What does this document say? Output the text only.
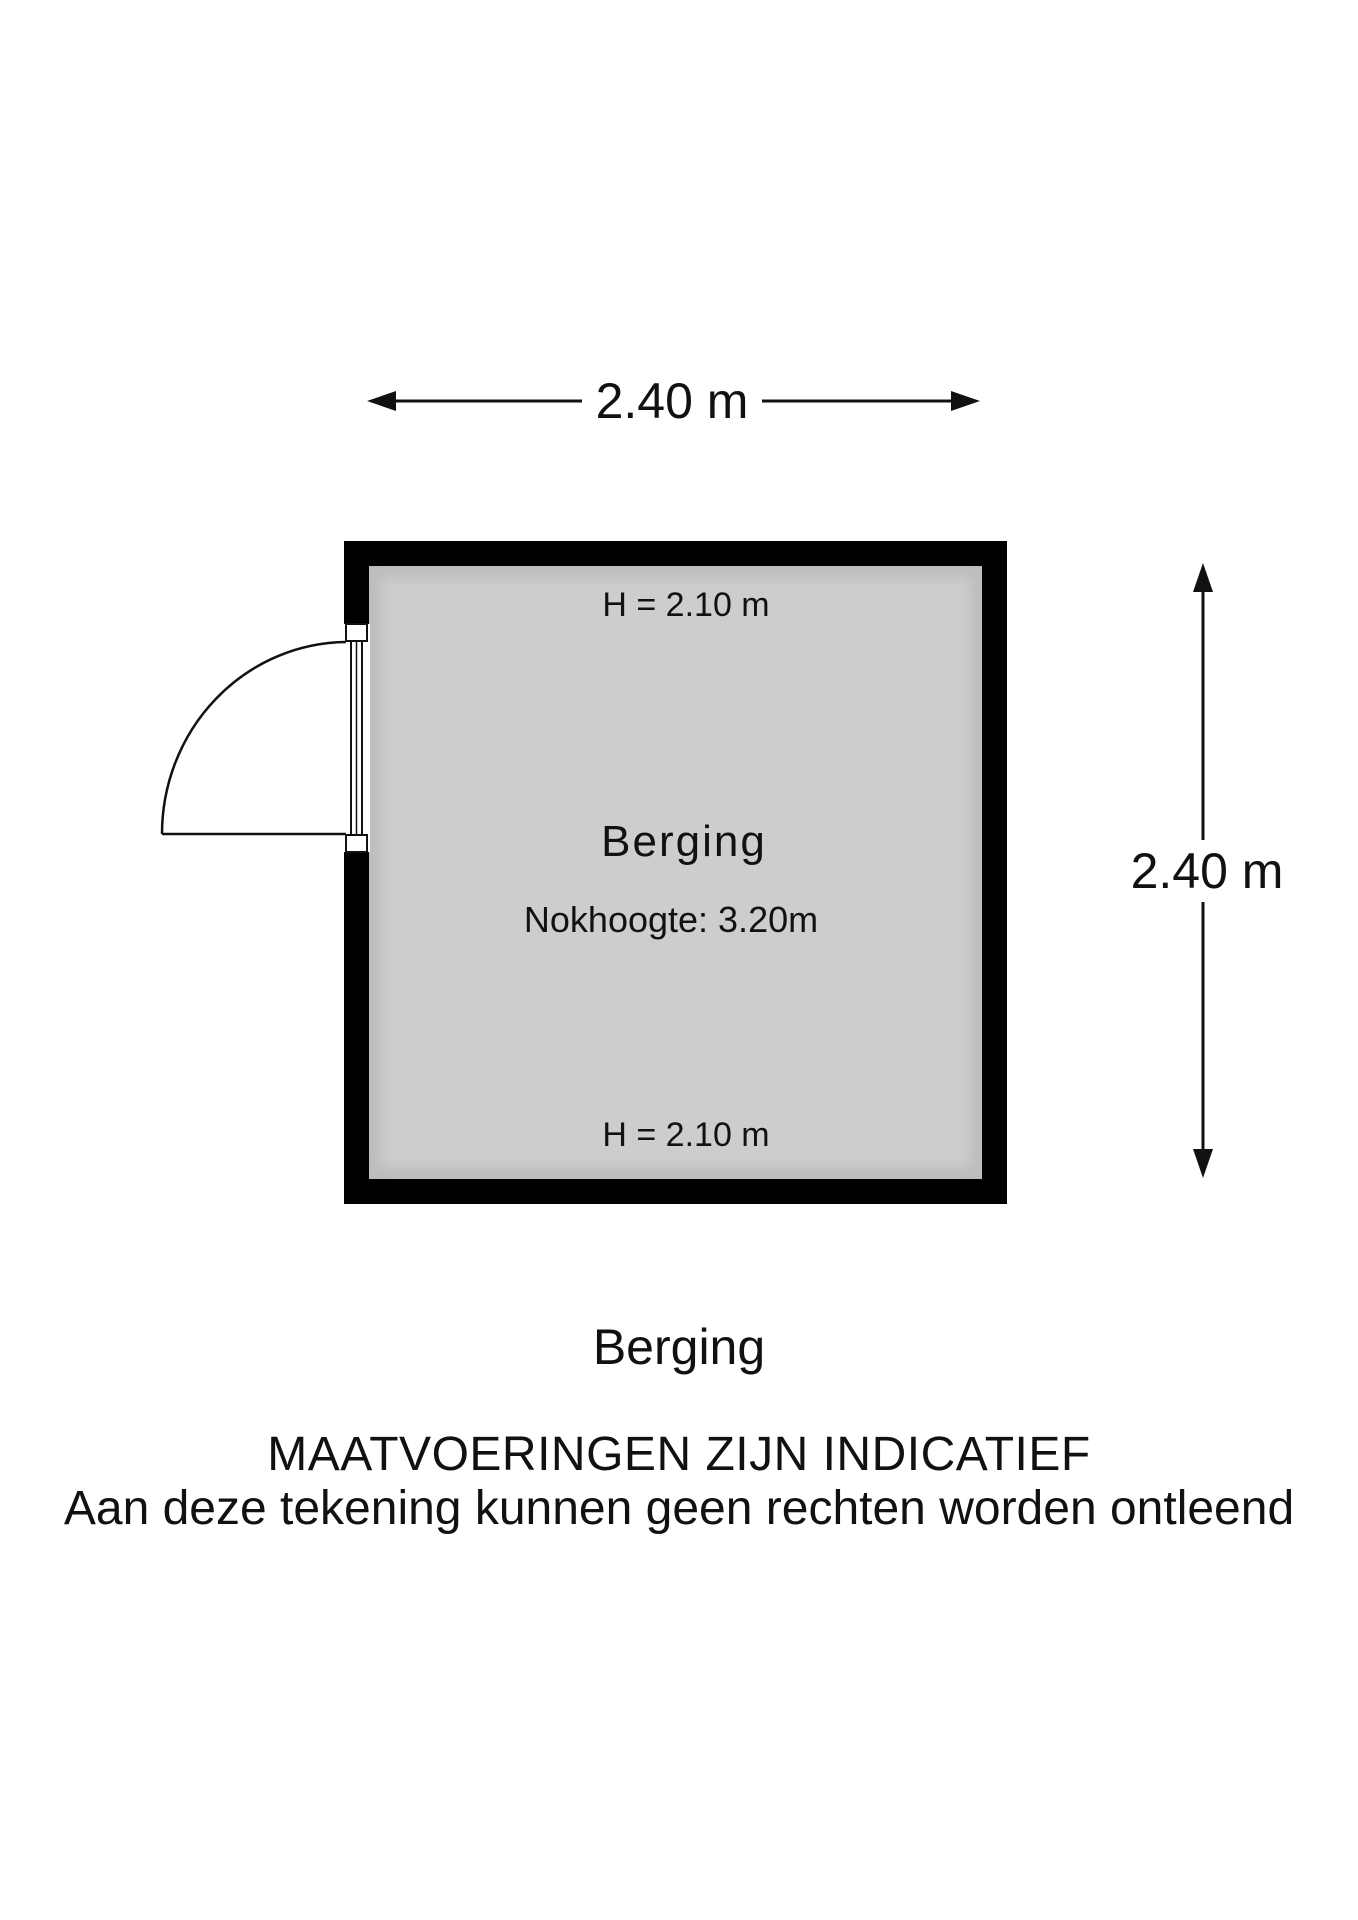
2.40 m
2.40 m
H = 2.10 m
Berging
Nokhoogte: 3.20m
H = 2.10 m
Berging
MAATVOERINGEN ZIJN INDICATIEF
Aan deze tekening kunnen geen rechten worden ontleend
